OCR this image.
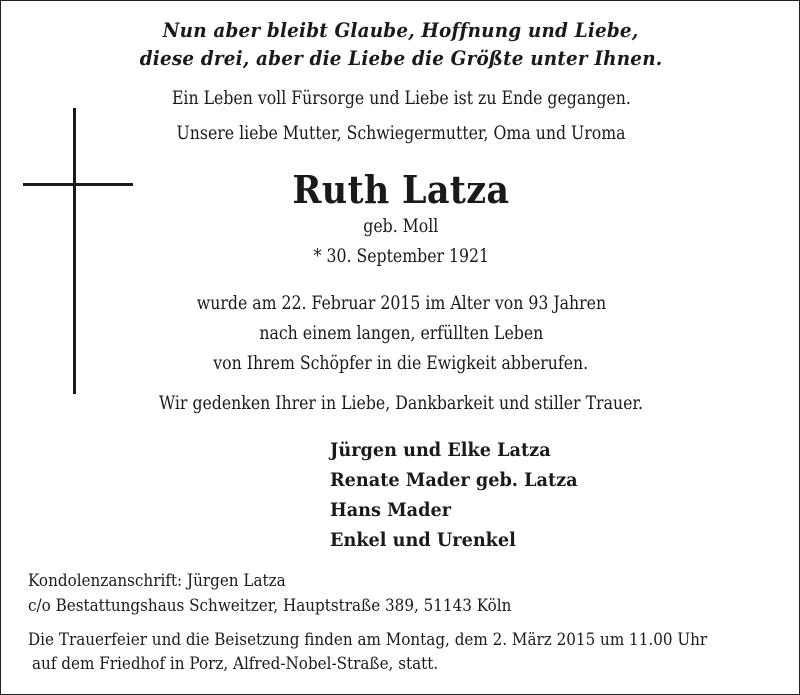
Nun aber bleibt Glaube, Hoffnung und Liebe,
diese drei, aber die Liebe die Größte unter Ihnen.
Ein Leben voll Fürsorge und Liebe ist zu Ende gegangen.
Unsere liebe Mutter, Schwiegermutter, Oma und Uroma
Ruth Latza
geb. Moll
* 30. September 1921
wurde am 22. Februar 2015 im Alter von 93 Jahren
nach einem langen, erfüllten Leben
von Ihrem Schöpfer in die Ewigkeit abberufen.
Wir gedenken Ihrer in Liebe, Dankbarkeit und stiller Trauer.
Jürgen und Elke Latza
Renate Mader geb. Latza
Hans Mader
Enkel und Urenkel
Kondolenzanschrift: Jürgen Latza
c/o Bestattungshaus Schweitzer, Hauptstraße 389, 51143 Köln
Die Trauerfeier und die Beisetzung finden am Montag, dem 2. März 2015 um 11.00 Uhr
auf dem Friedhof in Porz, Alfred-Nobel-Straße, statt.
